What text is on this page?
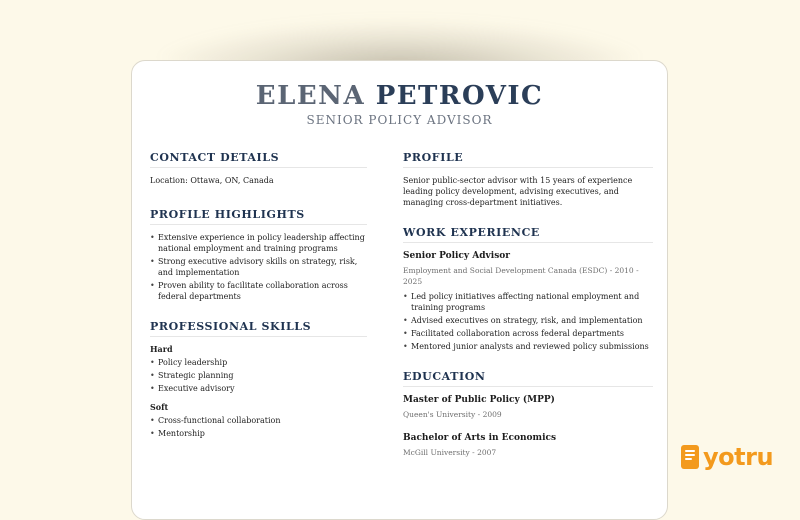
ELENA PETROVIC
SENIOR POLICY ADVISOR
CONTACT DETAILS
Location: Ottawa, ON, Canada
PROFILE HIGHLIGHTS
• Extensive experience in policy leadership affecting national employment and training programs
• Strong executive advisory skills on strategy, risk, and implementation
• Proven ability to facilitate collaboration across federal departments
PROFESSIONAL SKILLS
Hard
• Policy leadership
• Strategic planning
• Executive advisory
Soft
• Cross-functional collaboration
• Mentorship
PROFILE
Senior public-sector advisor with 15 years of experience leading policy development, advising executives, and managing cross-department initiatives.
WORK EXPERIENCE
Senior Policy Advisor
Employment and Social Development Canada (ESDC) - 2010 - 2025
• Led policy initiatives affecting national employment and training programs
• Advised executives on strategy, risk, and implementation
• Facilitated collaboration across federal departments
• Mentored junior analysts and reviewed policy submissions
EDUCATION
Master of Public Policy (MPP)
Queen's University - 2009
Bachelor of Arts in Economics
McGill University - 2007	yotru
